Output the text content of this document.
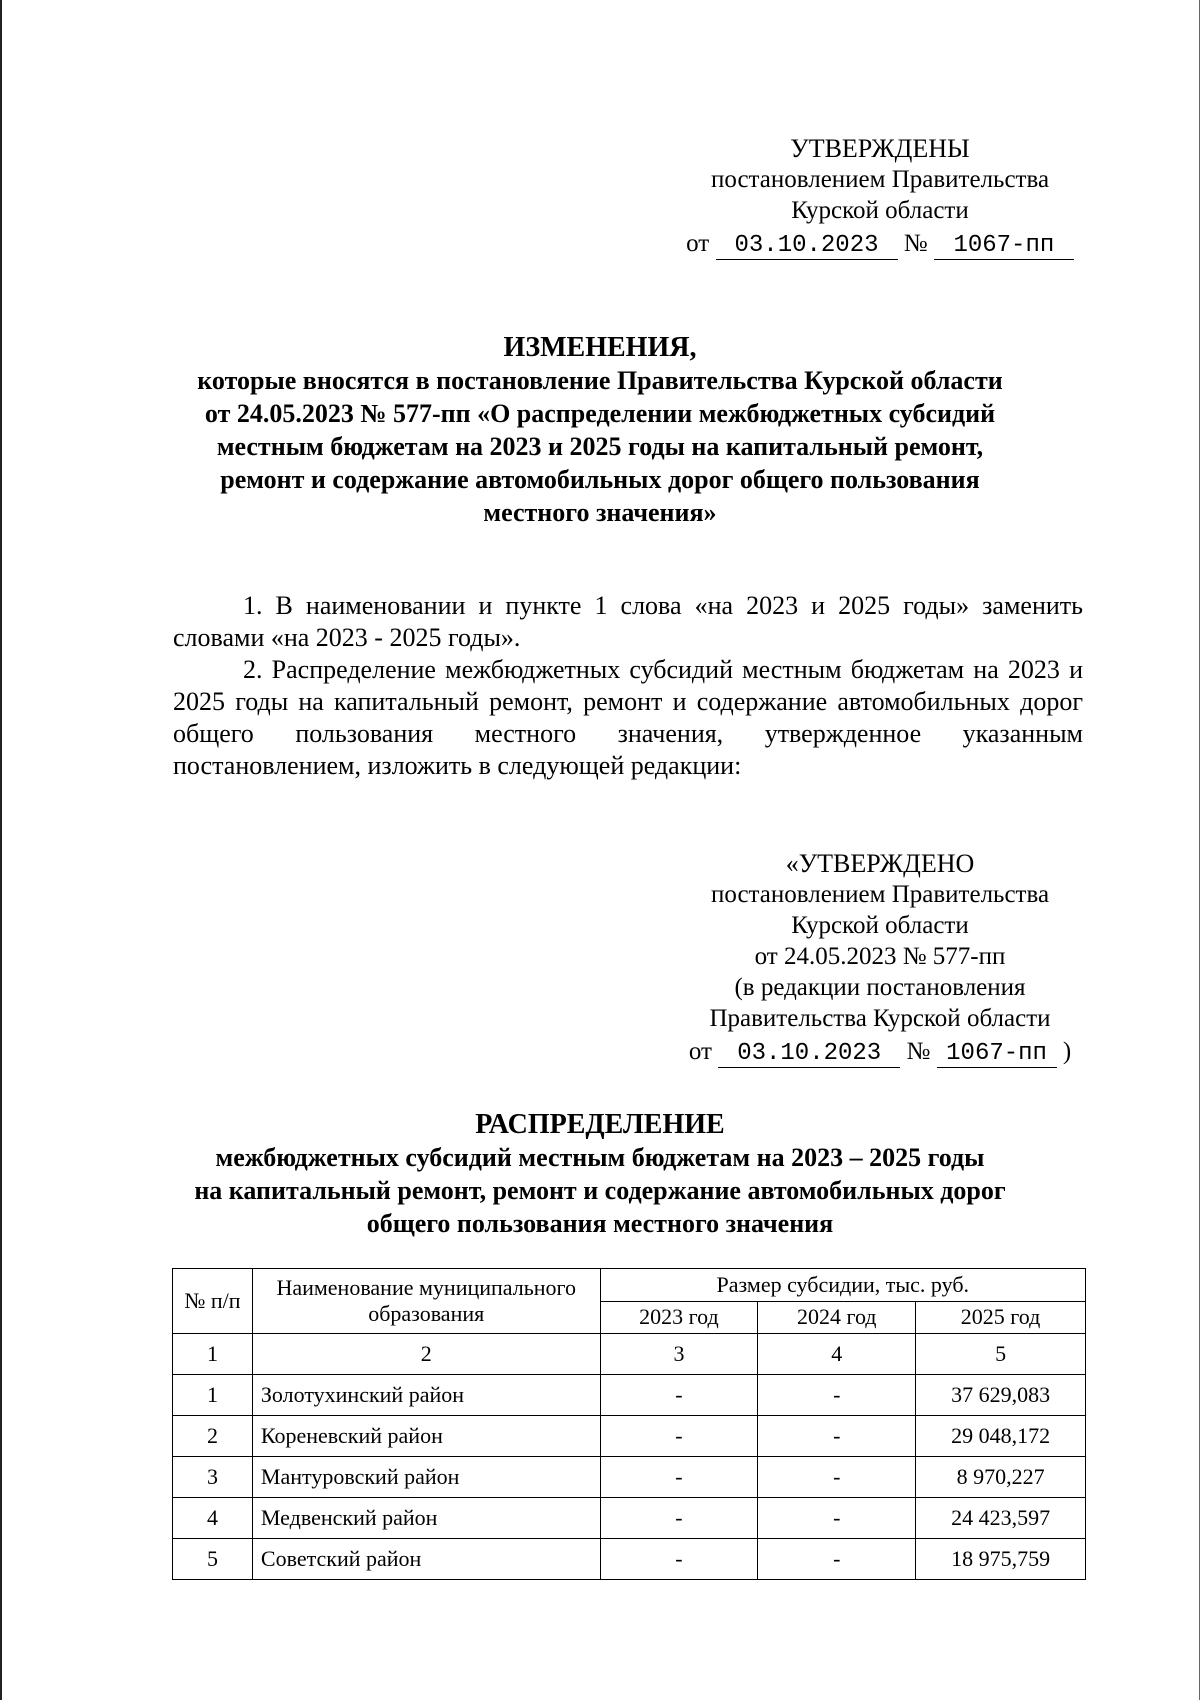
УТВЕРЖДЕНЫ
постановлением Правительства
Курской области
от 03.10.2023 № 1067-пп
ИЗМЕНЕНИЯ,
которые вносятся в постановление Правительства Курской области
от 24.05.2023 № 577-пп «О распределении межбюджетных субсидий
местным бюджетам на 2023 и 2025 годы на капитальный ремонт,
ремонт и содержание автомобильных дорог общего пользования
местного значения»

1. В наименовании и пункте 1 слова «на 2023 и 2025 годы» заменить словами «на 2023 - 2025 годы».

2. Распределение межбюджетных субсидий местным бюджетам на 2023 и 2025 годы на капитальный ремонт, ремонт и содержание автомобильных дорог общего пользования местного значения, утвержденное указанным постановлением, изложить в следующей редакции:

«УТВЕРЖДЕНО
постановлением Правительства
Курской области
от 24.05.2023 № 577-пп
(в редакции постановления
Правительства Курской области
от 03.10.2023 № 1067-пп )
РАСПРЕДЕЛЕНИЕ
межбюджетных субсидий местным бюджетам на 2023 – 2025 годы
на капитальный ремонт, ремонт и содержание автомобильных дорог
общего пользования местного значения
№ п/п	Наименование муниципального образования	Размер субсидии, тыс. руб.		
		2023 год	2024 год	2025 год
1	2	3	4	5
1	Золотухинский район	-	-	37 629,083
2	Кореневский район	-	-	29 048,172
3	Мантуровский район	-	-	8 970,227
4	Медвенский район	-	-	24 423,597
5	Советский район	-	-	18 975,759
